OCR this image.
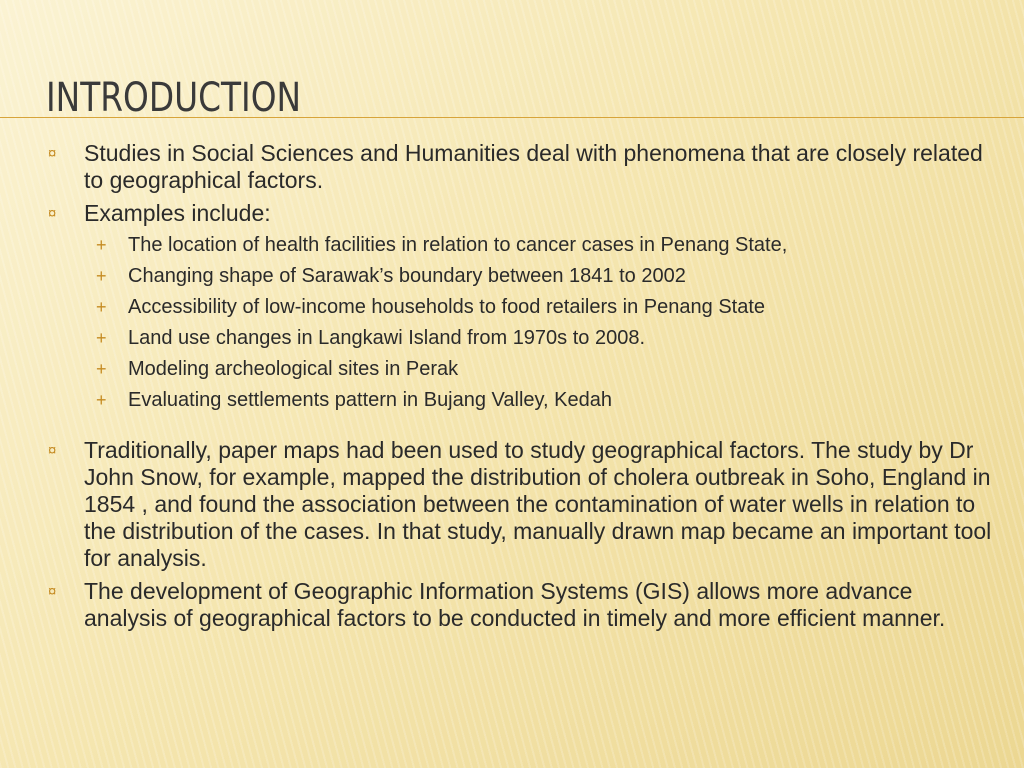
INTRODUCTION
¤ Studies in Social Sciences and Humanities deal with phenomena that are closely related to geographical factors.
¤ Examples include:
+ The location of health facilities in relation to cancer cases in Penang State,
+ Changing shape of Sarawak’s boundary between 1841 to 2002
+ Accessibility of low-income households to food retailers in Penang State
+ Land use changes in Langkawi Island from 1970s to 2008.
+ Modeling archeological sites in Perak
+ Evaluating settlements pattern in Bujang Valley, Kedah
¤ Traditionally, paper maps had been used to study geographical factors. The study by Dr John Snow, for example, mapped the distribution of cholera outbreak in Soho, England in 1854 , and found the association between the contamination of water wells in relation to the distribution of the cases. In that study, manually drawn map became an important tool for analysis.
¤ The development of Geographic Information Systems (GIS) allows more advance analysis of geographical factors to be conducted in timely and more efficient manner.
